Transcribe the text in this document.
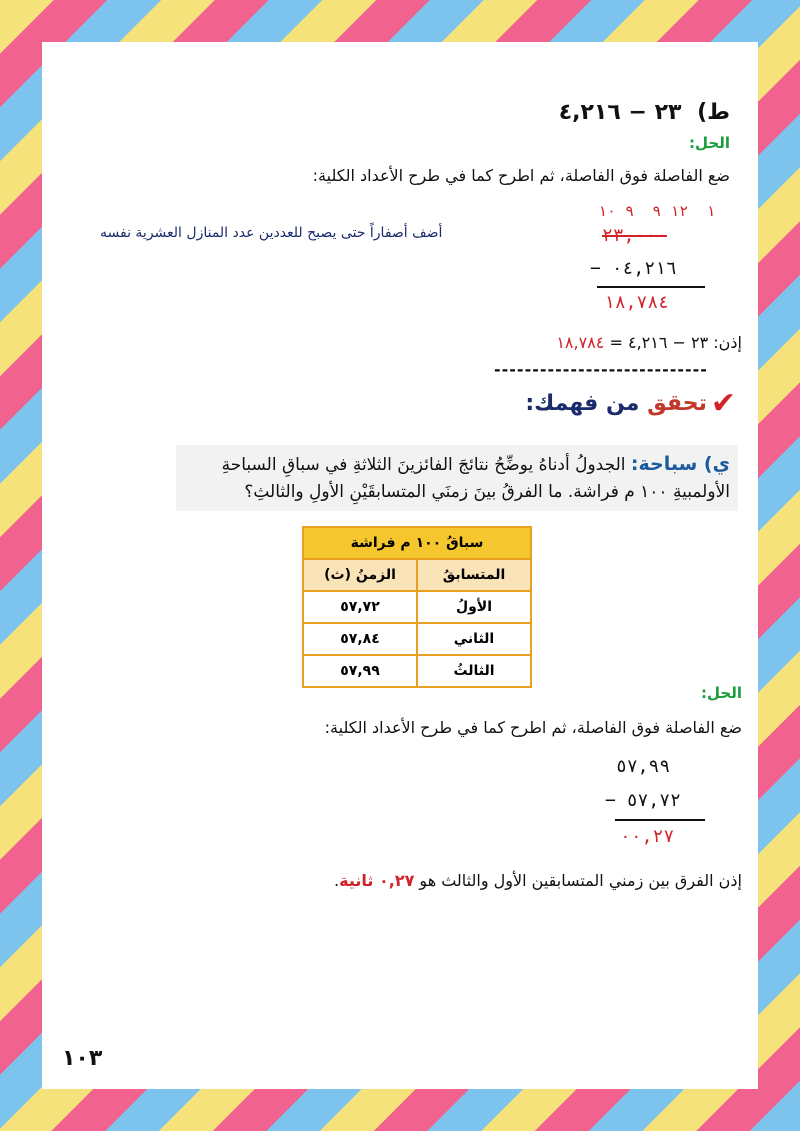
ط) ٢٣ − ٤,٢١٦
الحل:
ضع الفاصلة فوق الفاصلة، ثم اطرح كما في طرح الأعداد الكلية:
١  ١٢ ٩  ٩ ١٠
٢٣,٠٠٠
− ٠٤,٢١٦
١٨,٧٨٤
أضف أصفاراً حتى يصبح للعددين عدد المنازل العشرية نفسه
إذن: ٢٣ − ٤,٢١٦ = ١٨,٧٨٤
----------------------------
✔
تحقق من فهمك:
ي) سباحة: الجدولُ أدناهُ يوضِّحُ نتائجَ الفائزينَ الثلاثةِ في سباقِ السباحةِ الأولمبيةِ ١٠٠ م فراشة. ما الفرقُ بينَ زمنَي المتسابقَيْنِ الأولِ والثالثِ؟
سباقُ ١٠٠ م فراشة	
المتسابقُ	الزمنُ (ث)
الأولُ	٥٧,٧٢
الثاني	٥٧,٨٤
الثالثُ	٥٧,٩٩
الحل:
ضع الفاصلة فوق الفاصلة، ثم اطرح كما في طرح الأعداد الكلية:
٥٧,٩٩
− ٥٧,٧٢
٠٠,٢٧
إذن الفرق بين زمني المتسابقين الأول والثالث هو ٠,٢٧ ثانية.
١٠٣
